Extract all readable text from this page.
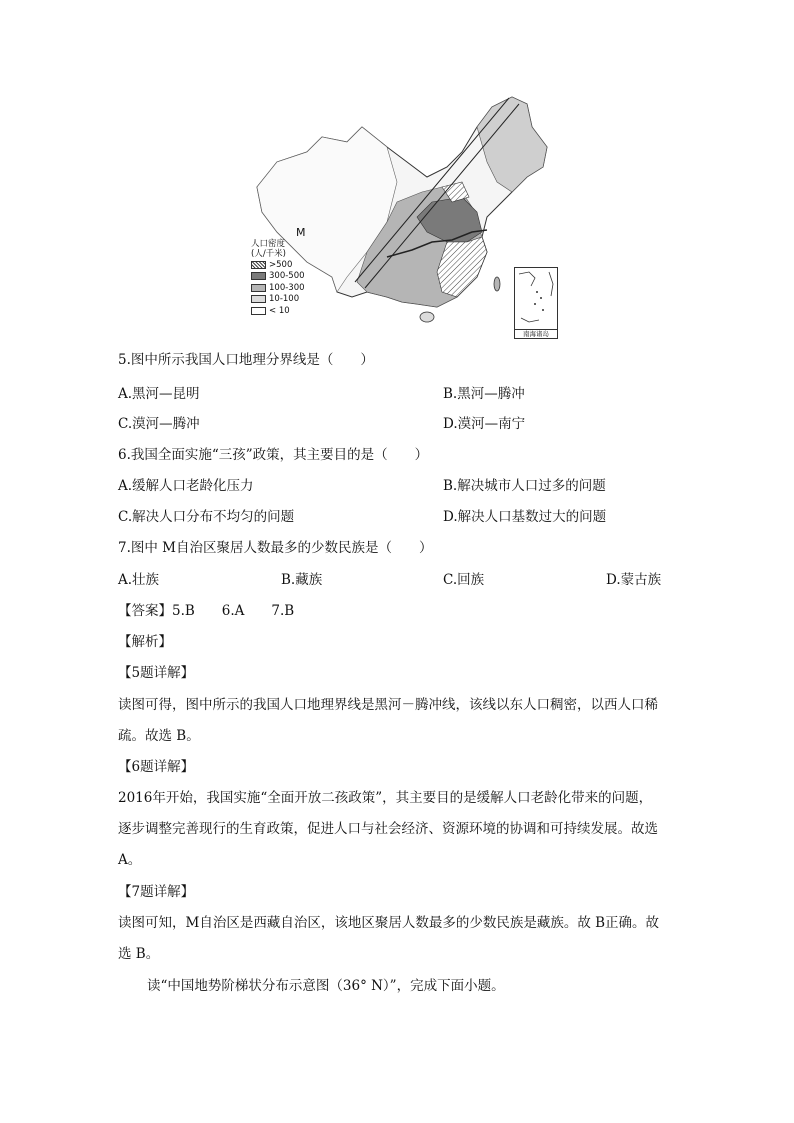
M
人口密度
(人/千米)
>500
300-500
100-300
10-100
< 10
南海诸岛
5.图中所示我国人口地理分界线是（　　）
A.黑河—昆明	B.黑河—腾冲
C.漠河—腾冲	D.漠河—南宁
6.我国全面实施“三孩”政策，其主要目的是（　　）
A.缓解人口老龄化压力	B.解决城市人口过多的问题
C.解决人口分布不均匀的问题	D.解决人口基数过大的问题
7.图中 M自治区聚居人数最多的少数民族是（　　）
A.壮族	B.藏族	C.回族	D.蒙古族
【答案】5.B　　6.A　　7.B
【解析】
【5题详解】
读图可得，图中所示的我国人口地理界线是黑河－腾冲线，该线以东人口稠密，以西人口稀
疏。故选 B。
【6题详解】
2016年开始，我国实施“全面开放二孩政策”，其主要目的是缓解人口老龄化带来的问题，
逐步调整完善现行的生育政策，促进人口与社会经济、资源环境的协调和可持续发展。故选
A。
【7题详解】
读图可知，M自治区是西藏自治区，该地区聚居人数最多的少数民族是藏族。故 B正确。故
选 B。
读“中国地势阶梯状分布示意图（36° N）”，完成下面小题。
